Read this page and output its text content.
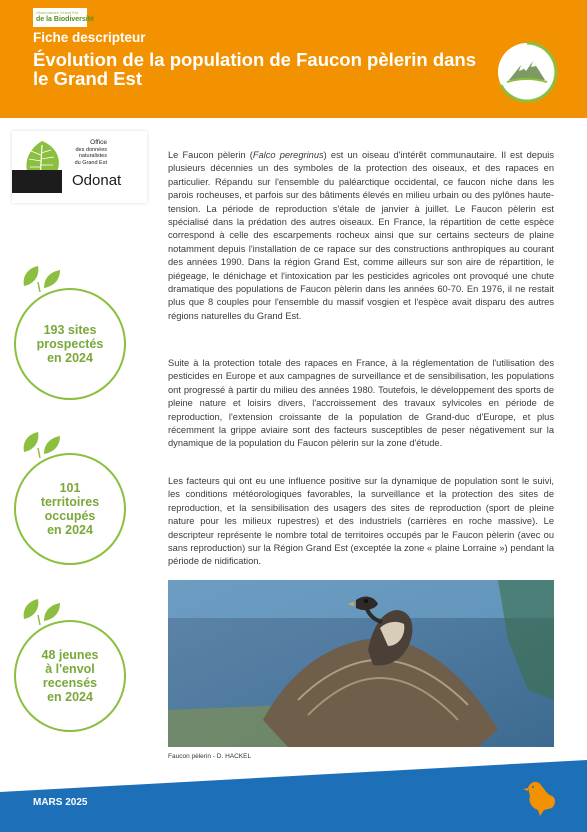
Observatoire Grand Est
de la Biodiversité
Fiche descripteur
Évolution de la population de Faucon pèlerin dans le Grand Est
Office
des données
naturalistes
du Grand Est
Odonat
193 sites
prospectés
en 2024
101
territoires
occupés
en 2024
48 jeunes
à l'envol
recensés
en 2024

Le Faucon pèlerin (Falco peregrinus) est un oiseau d'intérêt communautaire. Il est depuis plusieurs décennies un des symboles de la protection des oiseaux, et des rapaces en particulier. Répandu sur l'ensemble du paléarctique occidental, ce faucon niche dans les parois rocheuses, et parfois sur des bâtiments élevés en milieu urbain ou des pylônes haute-tension. La période de reproduction s'étale de janvier à juillet. Le Faucon pèlerin est spécialisé dans la prédation des autres oiseaux. En France, la répartition de cette espèce correspond à celle des escarpements rocheux ainsi que sur certains secteurs de plaine notamment depuis l'installation de ce rapace sur des constructions anthropiques au courant des années 1990. Dans la région Grand Est, comme ailleurs sur son aire de répartition, le piégeage, le dénichage et l'intoxication par les pesticides agricoles ont provoqué une chute dramatique des populations de Faucon pèlerin dans les années 60-70. En 1976, il ne restait plus que 8 couples pour l'ensemble du massif vosgien et l'espèce avait disparu des autres régions naturelles du Grand Est.

Suite à la protection totale des rapaces en France, à la réglementation de l'utilisation des pesticides en Europe et aux campagnes de surveillance et de sensibilisation, les populations ont progressé à partir du milieu des années 1980. Toutefois, le développement des sports de pleine nature et loisirs divers, l'accroissement des travaux sylvicoles en période de reproduction, l'extension croissante de la population de Grand-duc d'Europe, et plus récemment la grippe aviaire sont des facteurs susceptibles de peser négativement sur la dynamique de la population du Faucon pèlerin sur la zone d'étude.

Les facteurs qui ont eu une influence positive sur la dynamique de population sont le suivi, les conditions météorologiques favorables, la surveillance et la protection des sites de reproduction, et la sensibilisation des usagers des sites de reproduction (sport de pleine nature pour les milieux rupestres) et des industriels (carrières en roche massive). Le descripteur représente le nombre total de territoires occupés par le Faucon pèlerin (avec ou sans reproduction) sur la Région Grand Est (exceptée la zone « plaine Lorraine ») pendant la période de nidification.

Faucon pèlerin - D. HACKEL
MARS 2025
